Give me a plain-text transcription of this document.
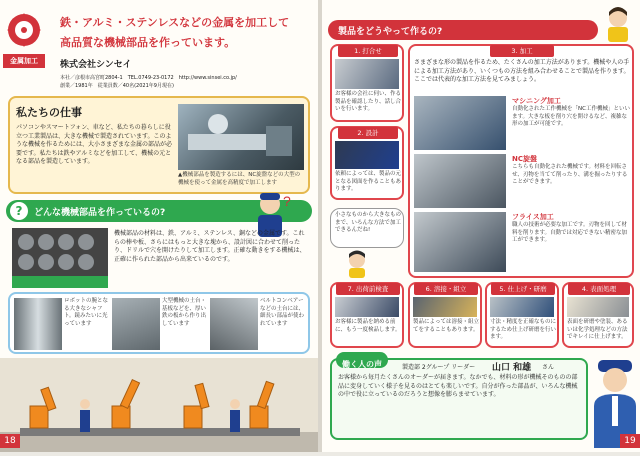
金属加工
鉄・アルミ・ステンレスなどの金属を加工して
高品質な機械部品を作っています。
株式会社シンセイ
本社／彦根市高宮町2804-1　TEL.0749-23-0172　http://www.sinsei.co.jp/
創業／1981年　従業員数／40名(2021年9月現在)
私たちの仕事
パソコンやスマートフォン、車など、私たちの暮らしに役立つ工業製品は、大きな機械で製造されています。このような機械を作るためには、大小さまざまな金属の部品が必要です。私たちは鉄やアルミなどを加工して、機械の元となる部品を製造しています。
▲機械部品を製造するには、NC旋盤などの大型の機械を使って金属を高精度で加工します
?	どんな機械部品を作っているの?
?
機械部品の材料は、鉄、アルミ、ステンレス、銅などの金属です。これらの棒や板、さらにはもっと大きな塊から、設計図に合わせて削ったり、ドリルで穴を開けたりして加工します。正確な動きをする機械は、正確に作られた部品から出来ているのです。
ロボットの腕となる大きなシャフト。鏡みたいに光っています
大型機械の土台・基板などを、厚い鉄の板から作り出しています
ベルトコンベアーなどの土台には、細長い部品が使われています
18
製品をどうやって作るの?
1. 打合せ
お客様の会社に伺い、作る製品を確認したり、話し合いを行います。
2. 設計
依頼によっては、製品の元となる図面を作ることもあります。
小さなものから大きなものまで、いろんな方法で加工できるんだね!
3. 加工
さまざまな形の製品を作るため、たくさんの加工方法があります。機械や人の手による加工方法があり、いくつもの方法を組み合わせることで製品を作ります。ここでは代表的な加工方法を見てみましょう。
マシニング加工
自動化された工作機械を「NC工作機械」といいます。大きな板を削り穴を開けるなど、複雑な形の加工が可能です。
NC旋盤
こちらも自動化された機械です。材料を回転させ、刃物を当てて削ったり、溝を掘ったりすることができます。
フライス加工
職人の技術が必要な加工です。刃物を回して材料を削ります。自動では対応できない精密な加工ができます。
7. 出荷前検査
お客様に製品を納める前に、もう一度検品します。
6. 溶接・組立
製品によっては溶接・組立てをすることもあります。
5. 仕上げ・研磨
寸法・精度を正確なものにするため仕上げ研磨を行います。
4. 表面処理
表面を研磨や塗装、あるいは化学処理などの方法でキレイに仕上げます。
働く人の声	製造部 2グループ リーダー 山口 和雄 さん
お客様から毎月たくさんのオーダーが届きます。なかでも、材料の形が機械そのものの部品に変身していく様子を見るのはとても楽しいです。自分が作った部品が、いろんな機械の中で役に立っているのだろうと想像を膨らませています。
19
